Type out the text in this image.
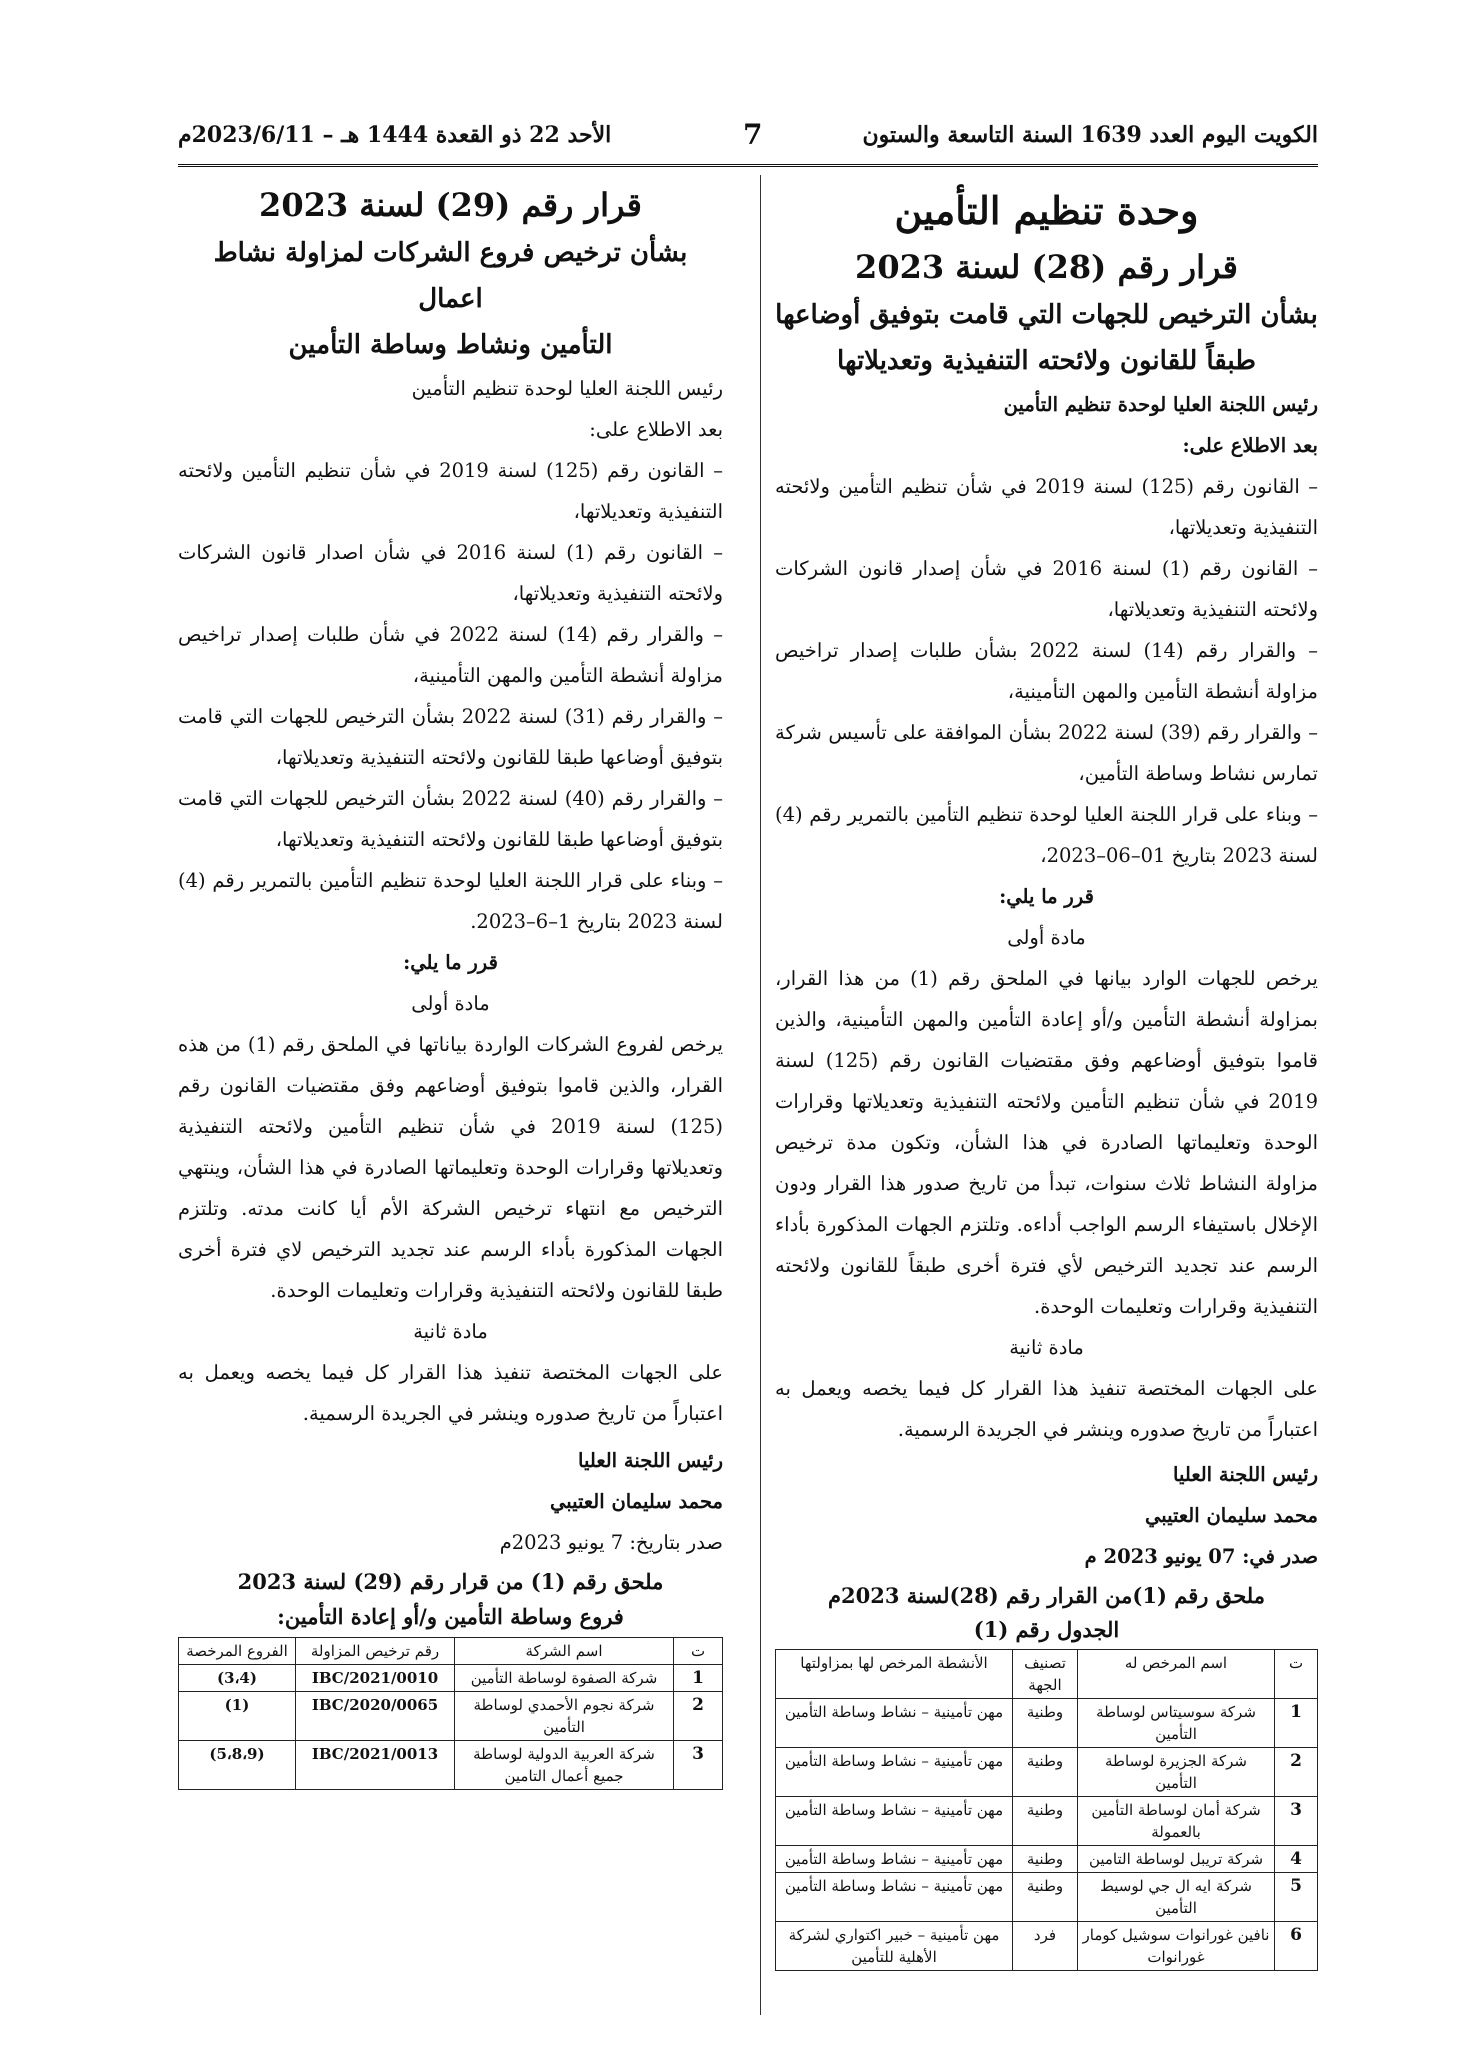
الأحد 22 ذو القعدة 1444 هـ – 2023/6/11م	7	الكويت اليوم العدد 1639 السنة التاسعة والستون
وحدة تنظيم التأمين
قرار رقم (28) لسنة 2023
بشأن الترخيص للجهات التي قامت بتوفيق أوضاعها
طبقاً للقانون ولائحته التنفيذية وتعديلاتها

رئيس اللجنة العليا لوحدة تنظيم التأمين

بعد الاطلاع على:

– القانون رقم (125) لسنة 2019 في شأن تنظيم التأمين ولائحته التنفيذية وتعديلاتها،

– القانون رقم (1) لسنة 2016 في شأن إصدار قانون الشركات ولائحته التنفيذية وتعديلاتها،

– والقرار رقم (14) لسنة 2022 بشأن طلبات إصدار تراخيص مزاولة أنشطة التأمين والمهن التأمينية،

– والقرار رقم (39) لسنة 2022 بشأن الموافقة على تأسيس شركة تمارس نشاط وساطة التأمين،

– وبناء على قرار اللجنة العليا لوحدة تنظيم التأمين بالتمرير رقم (4) لسنة 2023 بتاريخ 01–06–2023،

قرر ما يلي:

مادة أولى

يرخص للجهات الوارد بيانها في الملحق رقم (1) من هذا القرار، بمزاولة أنشطة التأمين و/أو إعادة التأمين والمهن التأمينية، والذين قاموا بتوفيق أوضاعهم وفق مقتضيات القانون رقم (125) لسنة 2019 في شأن تنظيم التأمين ولائحته التنفيذية وتعديلاتها وقرارات الوحدة وتعليماتها الصادرة في هذا الشأن، وتكون مدة ترخيص مزاولة النشاط ثلاث سنوات، تبدأ من تاريخ صدور هذا القرار ودون الإخلال باستيفاء الرسم الواجب أداءه. وتلتزم الجهات المذكورة بأداء الرسم عند تجديد الترخيص لأي فترة أخرى طبقاً للقانون ولائحته التنفيذية وقرارات وتعليمات الوحدة.

مادة ثانية

على الجهات المختصة تنفيذ هذا القرار كل فيما يخصه ويعمل به اعتباراً من تاريخ صدوره وينشر في الجريدة الرسمية.

رئيس اللجنة العليا

محمد سليمان العتيبي

صدر في: 07 يونيو 2023 م

ملحق رقم (1)من القرار رقم (28)لسنة 2023م
الجدول رقم (1)
ت	اسم المرخص له	تصنيف الجهة	الأنشطة المرخص لها بمزاولتها
1	شركة سوسيتاس لوساطة التأمين	وطنية	مهن تأمينية – نشاط وساطة التأمين
2	شركة الجزيرة لوساطة التأمين	وطنية	مهن تأمينية – نشاط وساطة التأمين
3	شركة أمان لوساطة التأمين بالعمولة	وطنية	مهن تأمينية – نشاط وساطة التأمين
4	شركة تريبل لوساطة التامين	وطنية	مهن تأمينية – نشاط وساطة التأمين
5	شركة ايه ال جي لوسيط التأمين	وطنية	مهن تأمينية – نشاط وساطة التأمين
6	نافين غورانوات سوشيل كومار غورانوات	فرد	مهن تأمينية – خبير اكتواري لشركة الأهلية للتأمين
قرار رقم (29) لسنة 2023
بشأن ترخيص فروع الشركات لمزاولة نشاط اعمال
التأمين ونشاط وساطة التأمين

رئيس اللجنة العليا لوحدة تنظيم التأمين

بعد الاطلاع على:

– القانون رقم (125) لسنة 2019 في شأن تنظيم التأمين ولائحته التنفيذية وتعديلاتها،

– القانون رقم (1) لسنة 2016 في شأن اصدار قانون الشركات ولائحته التنفيذية وتعديلاتها،

– والقرار رقم (14) لسنة 2022 في شأن طلبات إصدار تراخيص مزاولة أنشطة التأمين والمهن التأمينية،

– والقرار رقم (31) لسنة 2022 بشأن الترخيص للجهات التي قامت بتوفيق أوضاعها طبقا للقانون ولائحته التنفيذية وتعديلاتها،

– والقرار رقم (40) لسنة 2022 بشأن الترخيص للجهات التي قامت بتوفيق أوضاعها طبقا للقانون ولائحته التنفيذية وتعديلاتها،

– وبناء على قرار اللجنة العليا لوحدة تنظيم التأمين بالتمرير رقم (4) لسنة 2023 بتاريخ 1–6–2023.

قرر ما يلي:

مادة أولى

يرخص لفروع الشركات الواردة بياناتها في الملحق رقم (1) من هذه القرار، والذين قاموا بتوفيق أوضاعهم وفق مقتضيات القانون رقم (125) لسنة 2019 في شأن تنظيم التأمين ولائحته التنفيذية وتعديلاتها وقرارات الوحدة وتعليماتها الصادرة في هذا الشأن، وينتهي الترخيص مع انتهاء ترخيص الشركة الأم أيا كانت مدته. وتلتزم الجهات المذكورة بأداء الرسم عند تجديد الترخيص لاي فترة أخرى طبقا للقانون ولائحته التنفيذية وقرارات وتعليمات الوحدة.

مادة ثانية

على الجهات المختصة تنفيذ هذا القرار كل فيما يخصه ويعمل به اعتباراً من تاريخ صدوره وينشر في الجريدة الرسمية.

رئيس اللجنة العليا

محمد سليمان العتيبي

صدر بتاريخ: 7 يونيو 2023م

ملحق رقم (1) من قرار رقم (29) لسنة 2023
فروع وساطة التأمين و/أو إعادة التأمين:
ت	اسم الشركة	رقم ترخيص المزاولة	الفروع المرخصة
1	شركة الصفوة لوساطة التأمين	IBC/2021/0010	(3،4)
2	شركة نجوم الأحمدي لوساطة التأمين	IBC/2020/0065	(1)
3	شركة العربية الدولية لوساطة جميع أعمال التامين	IBC/2021/0013	(5،8،9)
